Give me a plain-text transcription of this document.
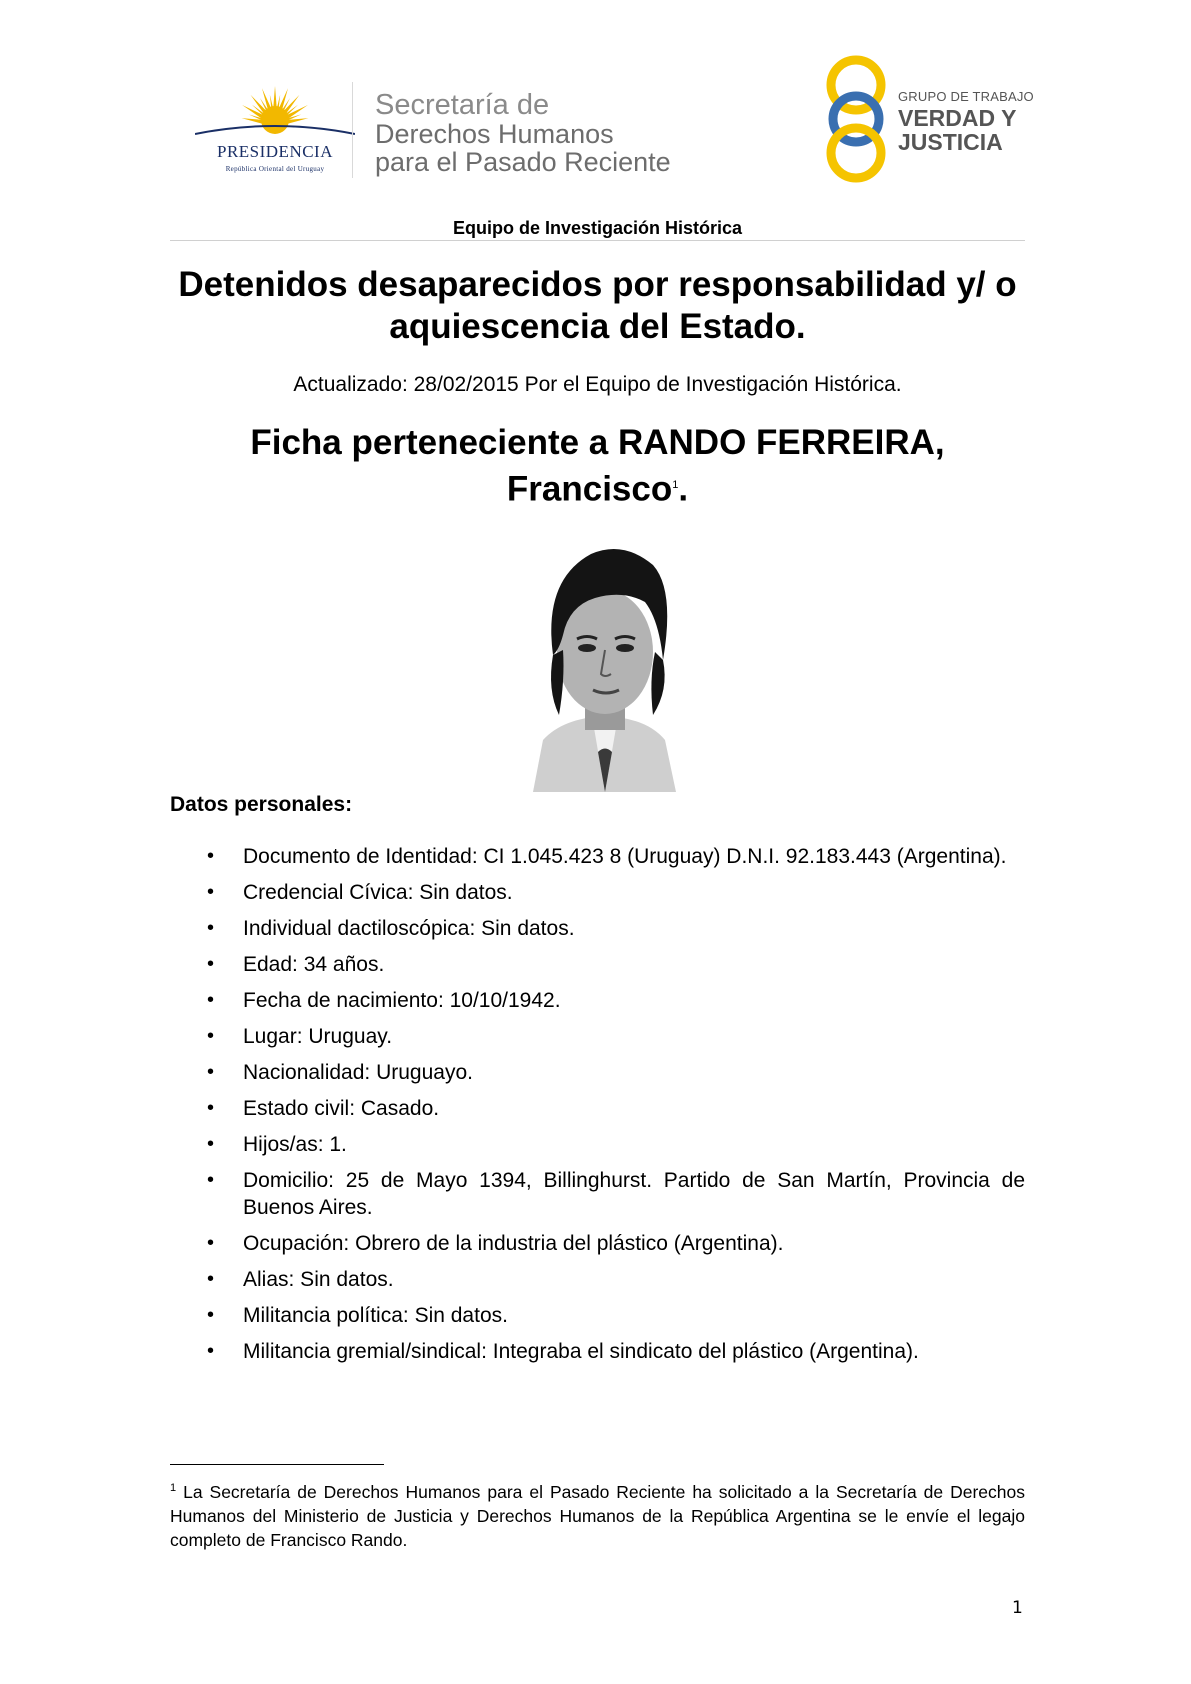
PRESIDENCIA
República Oriental del Uruguay
Secretaría de
Derechos Humanos
para el Pasado Reciente
GRUPO DE TRABAJO
VERDAD Y
JUSTICIA
Equipo de Investigación Histórica
Detenidos desaparecidos por responsabilidad y/ o aquiescencia del Estado.
Actualizado: 28/02/2015 Por el Equipo de Investigación Histórica.
Ficha perteneciente a RANDO FERREIRA,
Francisco$^1$.
Datos personales:
• Documento de Identidad: CI 1.045.423 8 (Uruguay) D.N.I. 92.183.443 (Argentina).
• Credencial Cívica: Sin datos.
• Individual dactiloscópica: Sin datos.
• Edad: 34 años.
• Fecha de nacimiento: 10/10/1942.
• Lugar: Uruguay.
• Nacionalidad: Uruguayo.
• Estado civil: Casado.
• Hijos/as: 1.
• Domicilio: 25 de Mayo 1394, Billinghurst. Partido de San Martín, Provincia de Buenos Aires.
• Ocupación: Obrero de la industria del plástico (Argentina).
• Alias: Sin datos.
• Militancia política: Sin datos.
• Militancia gremial/sindical: Integraba el sindicato del plástico (Argentina).
$^1$ La Secretaría de Derechos Humanos para el Pasado Reciente ha solicitado a la Secretaría de Derechos Humanos del Ministerio de Justicia y Derechos Humanos de la República Argentina se le envíe el legajo completo de Francisco Rando.
1
